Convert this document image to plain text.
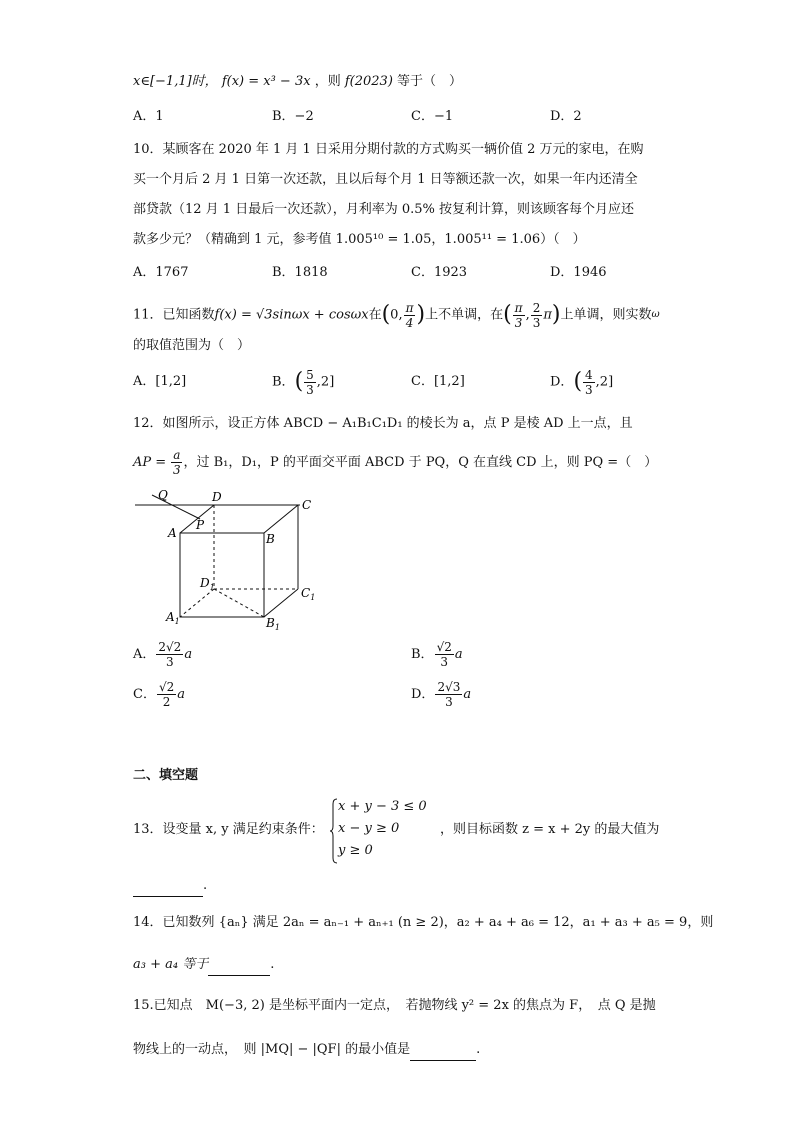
x∈[−1,1]时， f(x) = x³ − 3x ，则 f(2023) 等于（　）
A．1	B．−2	C．−1	D．2
10．某顾客在 2020 年 1 月 1 日采用分期付款的方式购买一辆价值 2 万元的家电，在购
买一个月后 2 月 1 日第一次还款，且以后每个月 1 日等额还款一次，如果一年内还清全
部贷款（12 月 1 日最后一次还款），月利率为 0.5% 按复利计算，则该顾客每个月应还
款多少元？（精确到 1 元，参考值 1.005¹⁰ = 1.05，1.005¹¹ = 1.06）（　）
A．1767	B．1818	C．1923	D．1946
11．已知函数f(x) = √3sinωx + cosωx在(0, $\frac{\pi}{4}$ )上不单调，在( $\frac{\pi}{3}$ , $\frac{2}{3} \pi$)上单调，则实数$^\omega$
的取值范围为（　）
A．[1,2]	B．( $\frac{5}{3} ,2$]	C．[1,2]	D．( $\frac{4}{3} ,2$]
12．如图所示，设正方体 ABCD − A₁B₁C₁D₁ 的棱长为 a，点 P 是棱 AD 上一点，且
AP = $\frac{a}{3}$ ，过 B₁，D₁，P 的平面交平面 ABCD 于 PQ，Q 在直线 CD 上，则 PQ =（　）
Q	D
C
A
P
B
$D_1$	$C_1$
$A_1$	$B_1$
A． $\frac{2√2}{3}$ a	B． $\frac{√2}{3}$ a
C． $\frac{√2}{2}$ a	D． $\frac{2√3}{3}$ a
二、填空题
13．设变量 x, y 满足约束条件：
x + y − 3 ≤ 0
x − y ≥ 0
y ≥ 0
，则目标函数 z = x + 2y 的最大值为
.
14．已知数列 {aₙ} 满足 2aₙ = aₙ₋₁ + aₙ₊₁ (n ≥ 2)，a₂ + a₄ + a₆ = 12，a₁ + a₃ + a₅ = 9，则
a₃ + a₄ 等于	.
15.已知点　M(−3, 2) 是坐标平面内一定点，　若抛物线 y² = 2x 的焦点为 F，　点 Q 是抛
物线上的一动点，　则 |MQ| − |QF| 的最小值是	.
